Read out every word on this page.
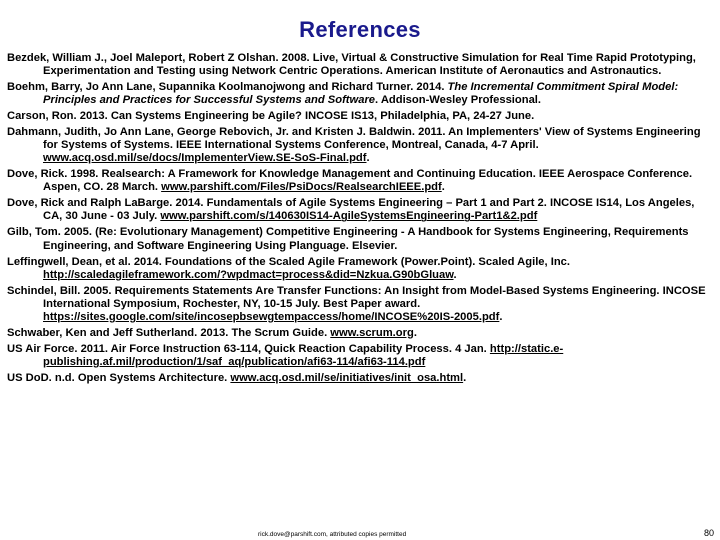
References
Bezdek, William J., Joel Maleport, Robert Z Olshan. 2008. Live, Virtual & Constructive Simulation for Real Time Rapid Prototyping, Experimentation and Testing using Network Centric Operations. American Institute of Aeronautics and Astronautics.
Boehm, Barry, Jo Ann Lane, Supannika Koolmanojwong and Richard Turner. 2014. The Incremental Commitment Spiral Model: Principles and Practices for Successful Systems and Software. Addison-Wesley Professional.
Carson, Ron. 2013. Can Systems Engineering be Agile? INCOSE IS13, Philadelphia, PA, 24-27 June.
Dahmann, Judith, Jo Ann Lane, George Rebovich, Jr. and Kristen J. Baldwin. 2011. An Implementers' View of Systems Engineering for Systems of Systems. IEEE International Systems Conference, Montreal, Canada, 4-7 April. www.acq.osd.mil/se/docs/ImplementerView.SE-SoS-Final.pdf.
Dove, Rick. 1998. Realsearch: A Framework for Knowledge Management and Continuing Education. IEEE Aerospace Conference. Aspen, CO. 28 March. www.parshift.com/Files/PsiDocs/RealsearchIEEE.pdf.
Dove, Rick and Ralph LaBarge. 2014. Fundamentals of Agile Systems Engineering – Part 1 and Part 2. INCOSE IS14, Los Angeles, CA, 30 June - 03 July. www.parshift.com/s/140630IS14-AgileSystemsEngineering-Part1&2.pdf
Gilb, Tom. 2005. (Re: Evolutionary Management) Competitive Engineering - A Handbook for Systems Engineering, Requirements Engineering, and Software Engineering Using Planguage. Elsevier.
Leffingwell, Dean, et al. 2014. Foundations of the Scaled Agile Framework (Power.Point). Scaled Agile, Inc. http://scaledagileframework.com/?wpdmact=process&did=Nzkua.G90bGluaw.
Schindel, Bill. 2005. Requirements Statements Are Transfer Functions: An Insight from Model-Based Systems Engineering. INCOSE International Symposium, Rochester, NY, 10-15 July. Best Paper award. https://sites.google.com/site/incosepbsewgtempaccess/home/INCOSE%20IS-2005.pdf.
Schwaber, Ken and Jeff Sutherland. 2013. The Scrum Guide. www.scrum.org.
US Air Force. 2011. Air Force Instruction 63-114, Quick Reaction Capability Process. 4 Jan. http://static.e-publishing.af.mil/production/1/saf_aq/publication/afi63-114/afi63-114.pdf
US DoD. n.d. Open Systems Architecture. www.acq.osd.mil/se/initiatives/init_osa.html.
rick.dove@parshift.com, attributed copies permitted	80
